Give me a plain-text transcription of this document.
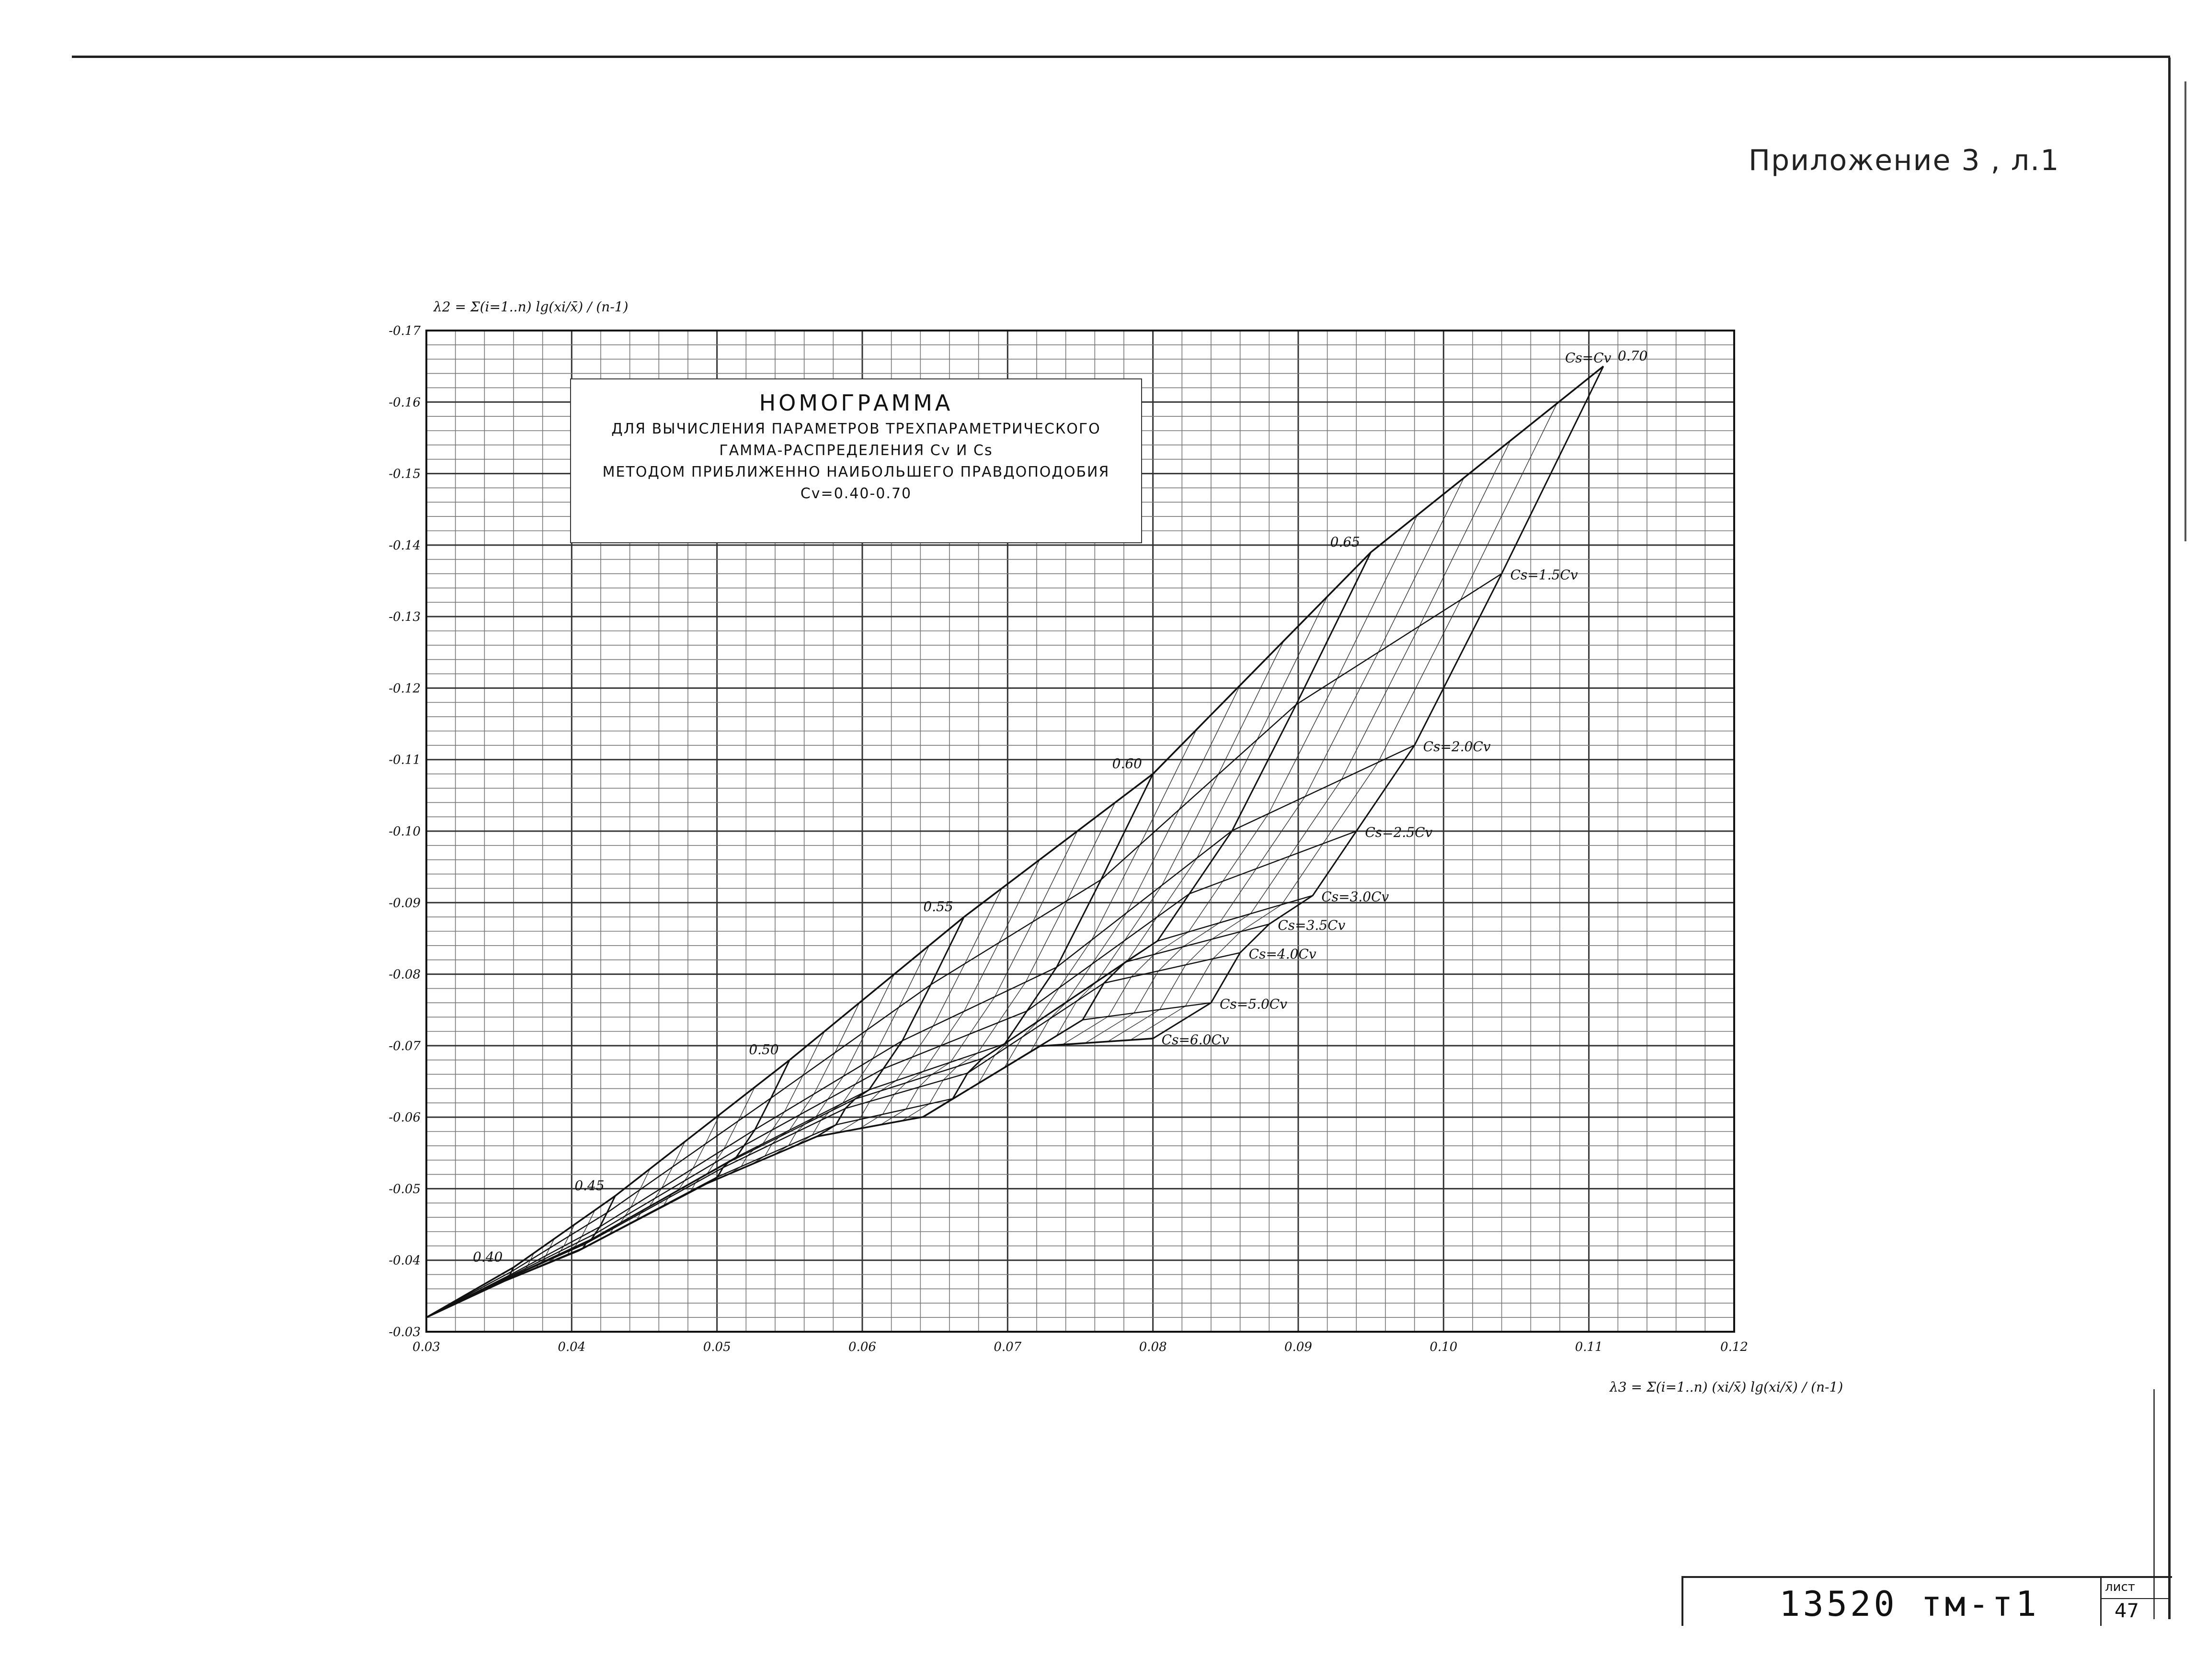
Приложение 3 , л.1
0.03	0.04	0.05	0.06	0.07	0.08	0.09	0.10	0.11	0.12
-0.03
-0.04
-0.05
-0.06
-0.07
-0.08
-0.09
-0.10
-0.11
-0.12
-0.13
-0.14
-0.15
-0.16
-0.17
0.40
0.45
0.50
0.55
0.60
0.65
0.70
Cs=Cv
Cs=1.5Cv
Cs=2.0Cv
Cs=2.5Cv
Cs=3.0Cv
Cs=3.5Cv
Cs=4.0Cv
Cs=5.0Cv
Cs=6.0Cv
λ2 = Σ(i=1..n) lg(xi/x̄) / (n-1)
λ3 = Σ(i=1..n) (xi/x̄) lg(xi/x̄) / (n-1)
НОМОГРАММА
ДЛЯ ВЫЧИСЛЕНИЯ ПАРАМЕТРОВ ТРЕХПАРАМЕТРИЧЕСКОГО
ГАММА-РАСПРЕДЕЛЕНИЯ Cv И Cs
МЕТОДОМ ПРИБЛИЖЕННО НАИБОЛЬШЕГО ПРАВДОПОДОБИЯ
Cv=0.40-0.70
13520 тм-т1	лист
47
